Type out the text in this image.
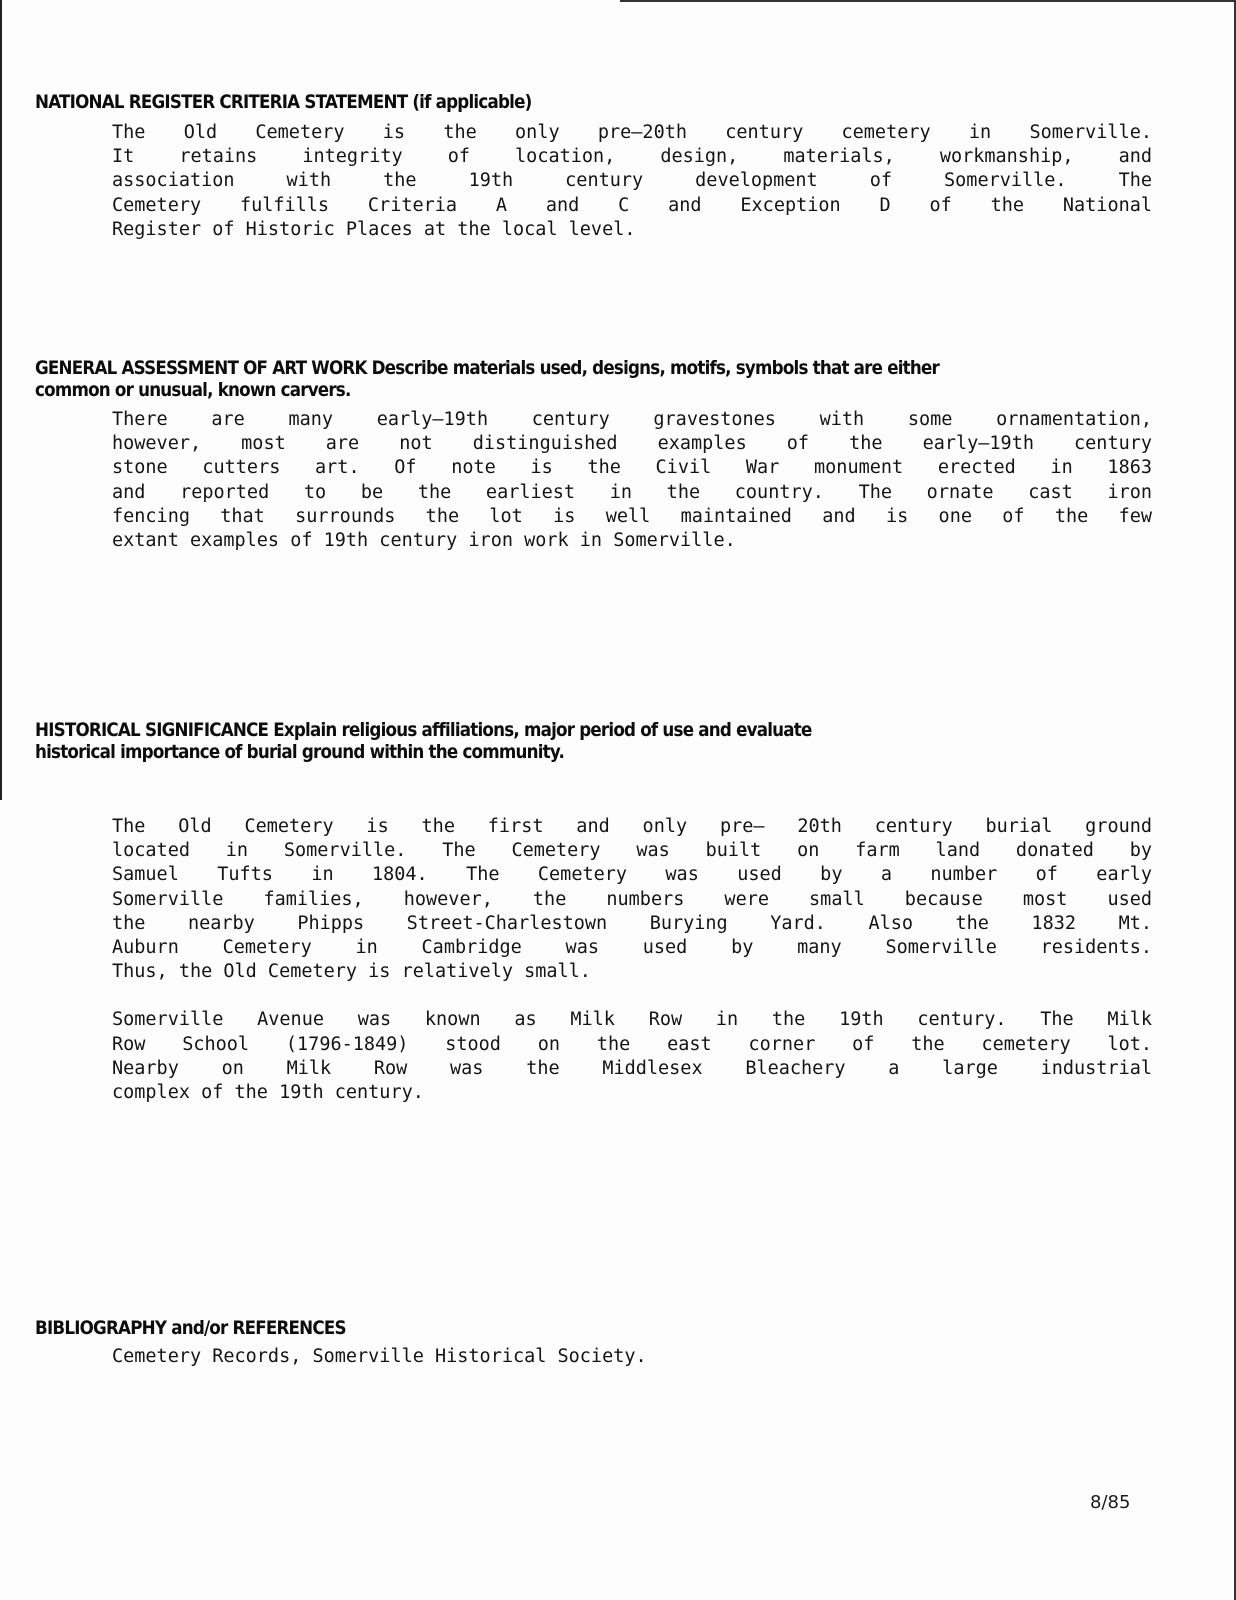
NATIONAL REGISTER CRITERIA STATEMENT (if applicable)
The Old Cemetery is the only pre—20th century cemetery in Somerville.
It retains integrity of location, design, materials, workmanship, and
association with the 19th century development of Somerville. The
Cemetery fulfills Criteria A and C and Exception D of the National
Register of Historic Places at the local level.
GENERAL ASSESSMENT OF ART WORK Describe materials used, designs, motifs, symbols that are either
common or unusual, known carvers.
There are many early—19th century gravestones with some ornamentation,
however, most are not distinguished examples of the early—19th century
stone cutters art. Of note is the Civil War monument erected in 1863
and reported to be the earliest in the country. The ornate cast iron
fencing that surrounds the lot is well maintained and is one of the few
extant examples of 19th century iron work in Somerville.
HISTORICAL SIGNIFICANCE Explain religious affiliations, major period of use and evaluate
historical importance of burial ground within the community.
The Old Cemetery is the first and only pre— 20th century burial ground
located in Somerville. The Cemetery was built on farm land donated by
Samuel Tufts in 1804. The Cemetery was used by a number of early
Somerville families, however, the numbers were small because most used
the nearby Phipps Street-Charlestown Burying Yard. Also the 1832 Mt.
Auburn Cemetery in Cambridge was used by many Somerville residents.
Thus, the Old Cemetery is relatively small.
Somerville Avenue was known as Milk Row in the 19th century. The Milk
Row School (1796-1849) stood on the east corner of the cemetery lot.
Nearby on Milk Row was the Middlesex Bleachery a large industrial
complex of the 19th century.
BIBLIOGRAPHY and/or REFERENCES
Cemetery Records, Somerville Historical Society.
8/85
